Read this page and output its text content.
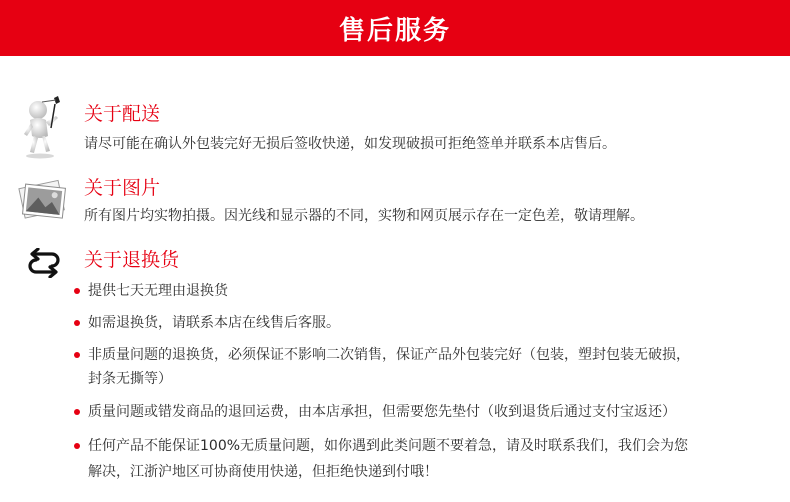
售后服务
关于配送
请尽可能在确认外包装完好无损后签收快递，如发现破损可拒绝签单并联系本店售后。
关于图片
所有图片均实物拍摄。因光线和显示器的不同，实物和网页展示存在一定色差，敬请理解。
关于退换货
提供七天无理由退换货
如需退换货，请联系本店在线售后客服。
非质量问题的退换货，必须保证不影响二次销售，保证产品外包装完好（包装，塑封包装无破损，
封条无撕等）
质量问题或错发商品的退回运费，由本店承担，但需要您先垫付（收到退货后通过支付宝返还）
任何产品不能保证100%无质量问题，如你遇到此类问题不要着急，请及时联系我们，我们会为您
解决，江浙沪地区可协商使用快递，但拒绝快递到付哦！
